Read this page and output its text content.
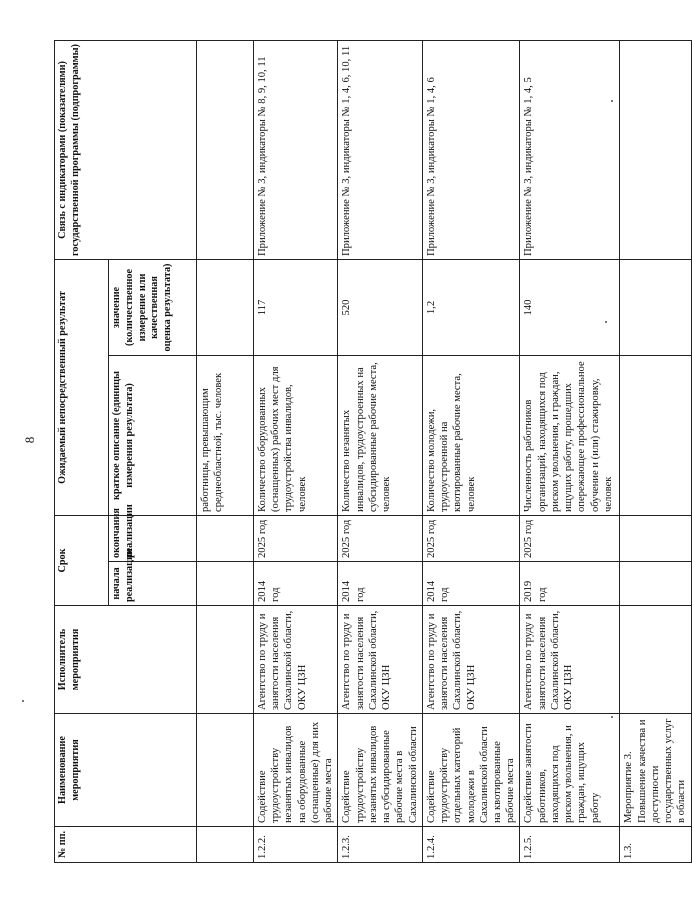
8
№ пп.	Наименование мероприятия	Исполнитель мероприятия	Срок		Ожидаемый непосредственный результат		Связь с индикаторами (показателями) государственной программы (подпрограммы)
			начала реализации	окончания реализации	краткое описание (единицы измерения результата)	значение (количественное измерение или качественная оценка результата)	
					работницы, превышающим среднеобластной, тыс. человек		
1.2.2.	Содействие трудоустройству незанятых инвалидов на оборудованные (оснащенные) для них рабочие места	Агентство по труду и занятости населения Сахалинской области, ОКУ ЦЗН	2014 год	2025 год	Количество оборудованных (оснащенных) рабочих мест для трудоустройства инвалидов, человек	117	Приложение № 3, индикаторы № 8, 9, 10, 11
1.2.3.	Содействие трудоустройству незанятых инвалидов на субсидированные рабочие места в Сахалинской области	Агентство по труду и занятости населения Сахалинской области, ОКУ ЦЗН	2014 год	2025 год	Количество незанятых инвалидов, трудоустроенных на субсидированные рабочие места, человек	520	Приложение № 3, индикаторы № 1, 4, 6, 10, 11
1.2.4.	Содействие трудоустройству отдельных категорий молодежи в Сахалинской области на квотированные рабочие места	Агентство по труду и занятости населения Сахалинской области, ОКУ ЦЗН	2014 год	2025 год	Количество молодежи, трудоустроенной на квотированные рабочие места, человек	1,2	Приложение № 3, индикаторы № 1, 4, 6
1.2.5.	Содействие занятости работников, находящихся под риском увольнения, и граждан, ищущих работу	Агентство по труду и занятости населения Сахалинской области, ОКУ ЦЗН	2019 год	2025 год	Численность работников организаций, находящихся под риском увольнения, и граждан, ищущих работу, прошедших опережающее профессиональное обучение и (или) стажировку, человек	140	Приложение № 3, индикаторы № 1, 4, 5
1.3.	Мероприятие 3. Повышение качества и доступности государственных услуг в области						
